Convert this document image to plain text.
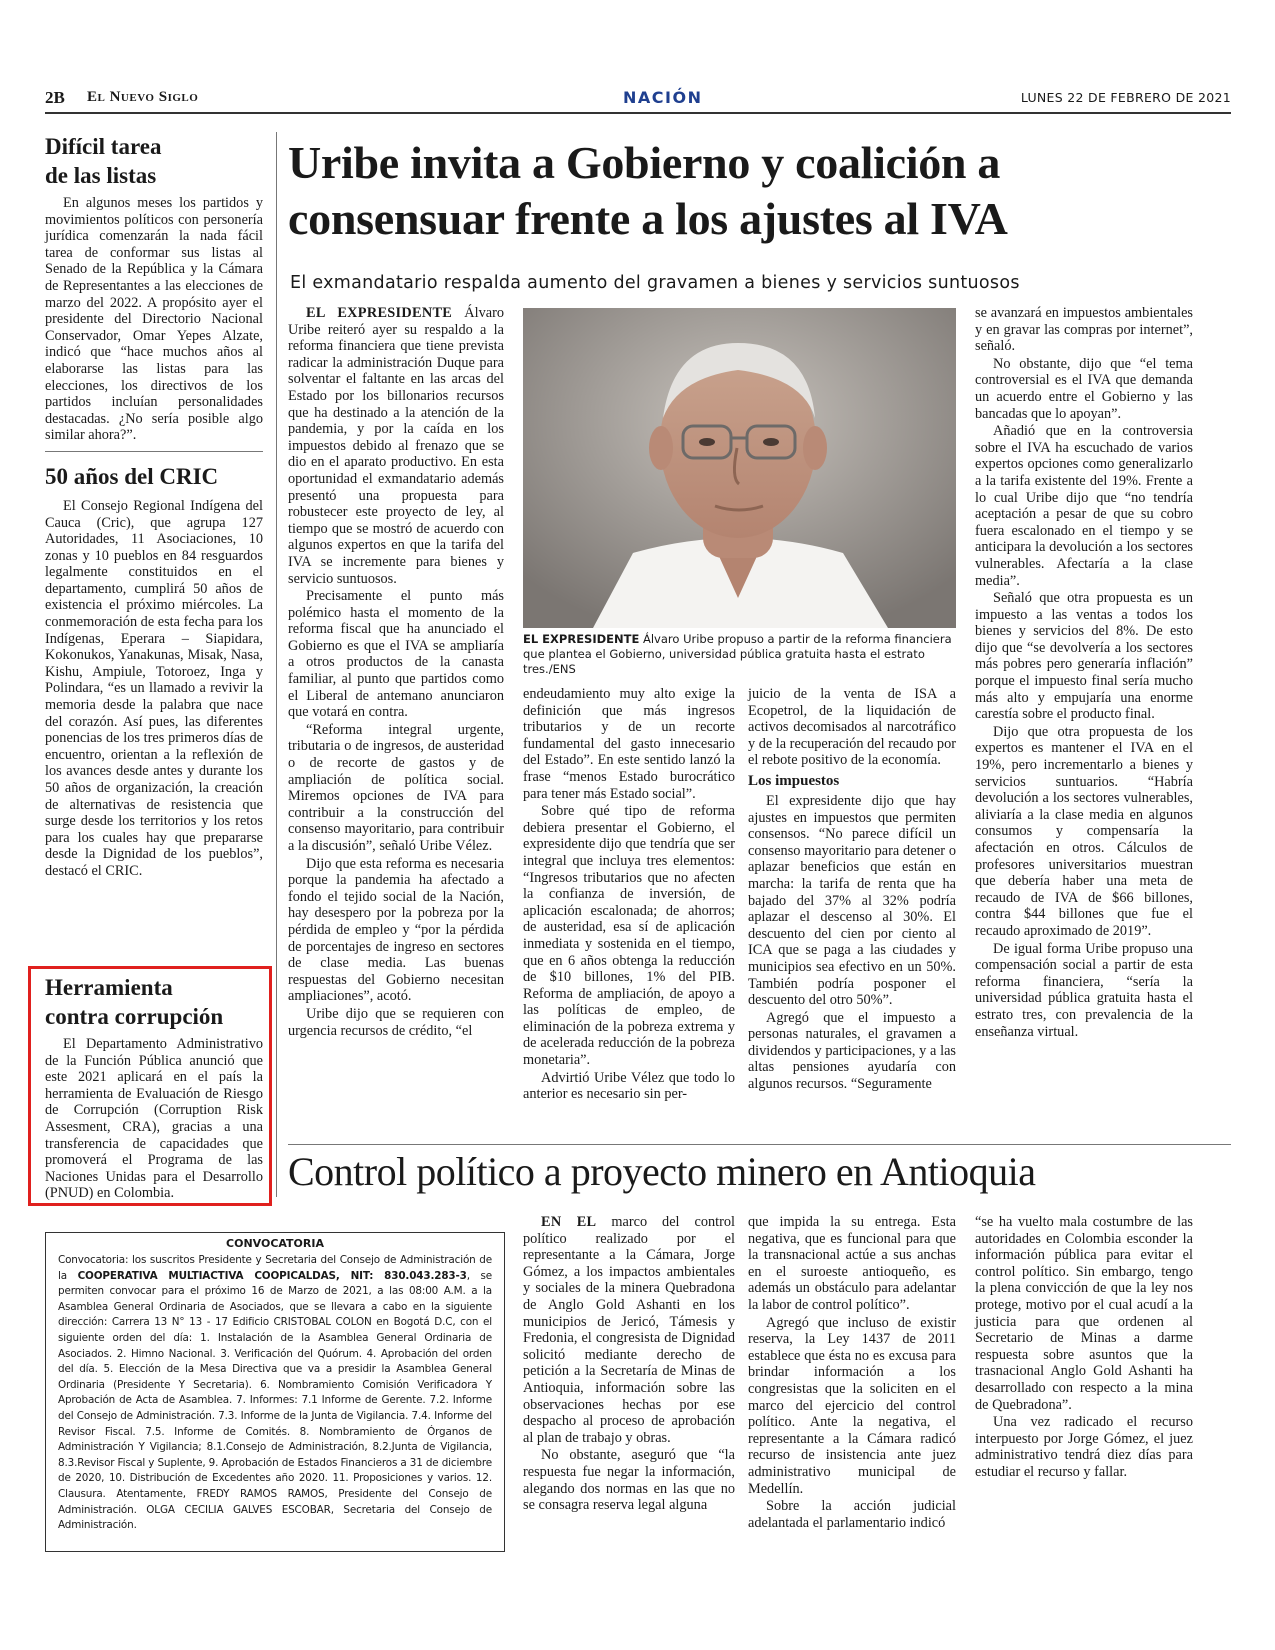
2B El Nuevo Siglo	NACIÓN	LUNES 22 DE FEBRERO DE 2021
Difícil tarea
de las listas

En algunos meses los partidos y movimientos políticos con personería jurídica comenzarán la nada fácil tarea de conformar sus listas al Senado de la República y la Cámara de Representantes a las elecciones de marzo del 2022. A propósito ayer el presidente del Directorio Nacional Conservador, Omar Yepes Alzate, indicó que “hace muchos años al elaborarse las listas para las elecciones, los directivos de los partidos incluían personalidades destacadas. ¿No sería posible algo similar ahora?”.

50 años del CRIC

El Consejo Regional Indígena del Cauca (Cric), que agrupa 127 Autoridades, 11 Asociaciones, 10 zonas y 10 pueblos en 84 resguardos legalmente constituidos en el departamento, cumplirá 50 años de existencia el próximo miércoles. La conmemoración de esta fecha para los Indígenas, Eperara – Siapidara, Kokonukos, Yanakunas, Misak, Nasa, Kishu, Ampiule, Totoroez, Inga y Polindara, “es un llamado a revivir la memoria desde la palabra que nace del corazón. Así pues, las diferentes ponencias de los tres primeros días de encuentro, orientan a la reflexión de los avances desde antes y durante los 50 años de organización, la creación de alternativas de resistencia que surge desde los territorios y los retos para los cuales hay que prepararse desde la Dignidad de los pueblos”, destacó el CRIC.

Herramienta
contra corrupción

El Departamento Administrativo de la Función Pública anunció que este 2021 aplicará en el país la herramienta de Evaluación de Riesgo de Corrupción (Corruption Risk Assesment, CRA), gracias a una transferencia de capacidades que promoverá el Programa de las Naciones Unidas para el Desarrollo (PNUD) en Colombia.

Uribe invita a Gobierno y coalición a
consensuar frente a los ajustes al IVA
El exmandatario respalda aumento del gravamen a bienes y servicios suntuosos

EL EXPRESIDENTE Álvaro Uribe reiteró ayer su respaldo a la reforma financiera que tiene prevista radicar la administración Duque para solventar el faltante en las arcas del Estado por los billonarios recursos que ha destinado a la atención de la pandemia, y por la caída en los impuestos debido al frenazo que se dio en el aparato productivo. En esta oportunidad el exmandatario además presentó una propuesta para robustecer este proyecto de ley, al tiempo que se mostró de acuerdo con algunos expertos en que la tarifa del IVA se incremente para bienes y servicio suntuosos.

Precisamente el punto más polémico hasta el momento de la reforma fiscal que ha anunciado el Gobierno es que el IVA se ampliaría a otros productos de la canasta familiar, al punto que partidos como el Liberal de antemano anunciaron que votará en contra.

“Reforma integral urgente, tributaria o de ingresos, de austeridad o de recorte de gastos y de ampliación de política social. Miremos opciones de IVA para contribuir a la construcción del consenso mayoritario, para contribuir a la discusión”, señaló Uribe Vélez.

Dijo que esta reforma es necesaria porque la pandemia ha afectado a fondo el tejido social de la Nación, hay desespero por la pobreza por la pérdida de empleo y “por la pérdida de porcentajes de ingreso en sectores de clase media. Las buenas respuestas del Gobierno necesitan ampliaciones”, acotó.

Uribe dijo que se requieren con urgencia recursos de crédito, “el

EL EXPRESIDENTE Álvaro Uribe propuso a partir de la reforma financiera que plantea el Gobierno, universidad pública gratuita hasta el estrato tres./ENS

endeudamiento muy alto exige la definición que más ingresos tributarios y de un recorte fundamental del gasto innecesario del Estado”. En este sentido lanzó la frase “menos Estado burocrático para tener más Estado social”.

Sobre qué tipo de reforma debiera presentar el Gobierno, el expresidente dijo que tendría que ser integral que incluya tres elementos: “Ingresos tributarios que no afecten la confianza de inversión, de aplicación escalonada; de ahorros; de austeridad, esa sí de aplicación inmediata y sostenida en el tiempo, que en 6 años obtenga la reducción de $10 billones, 1% del PIB. Reforma de ampliación, de apoyo a las políticas de empleo, de eliminación de la pobreza extrema y de acelerada reducción de la pobreza monetaria”.

Advirtió Uribe Vélez que todo lo anterior es necesario sin per-

juicio de la venta de ISA a Ecopetrol, de la liquidación de activos decomisados al narcotráfico y de la recuperación del recaudo por el rebote positivo de la economía.

Los impuestos

El expresidente dijo que hay ajustes en impuestos que permiten consensos. “No parece difícil un consenso mayoritario para detener o aplazar beneficios que están en marcha: la tarifa de renta que ha bajado del 37% al 32% podría aplazar el descenso al 30%. El descuento del cien por ciento al ICA que se paga a las ciudades y municipios sea efectivo en un 50%. También podría posponer el descuento del otro 50%”.

Agregó que el impuesto a personas naturales, el gravamen a dividendos y participaciones, y a las altas pensiones ayudaría con algunos recursos. “Seguramente

se avanzará en impuestos ambientales y en gravar las compras por internet”, señaló.

No obstante, dijo que “el tema controversial es el IVA que demanda un acuerdo entre el Gobierno y las bancadas que lo apoyan”.

Añadió que en la controversia sobre el IVA ha escuchado de varios expertos opciones como generalizarlo a la tarifa existente del 19%. Frente a lo cual Uribe dijo que “no tendría aceptación a pesar de que su cobro fuera escalonado en el tiempo y se anticipara la devolución a los sectores vulnerables. Afectaría a la clase media”.

Señaló que otra propuesta es un impuesto a las ventas a todos los bienes y servicios del 8%. De esto dijo que “se devolvería a los sectores más pobres pero generaría inflación” porque el impuesto final sería mucho más alto y empujaría una enorme carestía sobre el producto final.

Dijo que otra propuesta de los expertos es mantener el IVA en el 19%, pero incrementarlo a bienes y servicios suntuarios. “Habría devolución a los sectores vulnerables, aliviaría a la clase media en algunos consumos y compensaría la afectación en otros. Cálculos de profesores universitarios muestran que debería haber una meta de recaudo de IVA de $66 billones, contra $44 billones que fue el recaudo aproximado de 2019”.

De igual forma Uribe propuso una compensación social a partir de esta reforma financiera, “sería la universidad pública gratuita hasta el estrato tres, con prevalencia de la enseñanza virtual.

Control político a proyecto minero en Antioquia

EN EL marco del control político realizado por el representante a la Cámara, Jorge Gómez, a los impactos ambientales y sociales de la minera Quebradona de Anglo Gold Ashanti en los municipios de Jericó, Támesis y Fredonia, el congresista de Dignidad solicitó mediante derecho de petición a la Secretaría de Minas de Antioquia, información sobre las observaciones hechas por ese despacho al proceso de aprobación al plan de trabajo y obras.

No obstante, aseguró que “la respuesta fue negar la información, alegando dos normas en las que no se consagra reserva legal alguna

que impida la su entrega. Esta negativa, que es funcional para que la transnacional actúe a sus anchas en el suroeste antioqueño, es además un obstáculo para adelantar la labor de control político”.

Agregó que incluso de existir reserva, la Ley 1437 de 2011 establece que ésta no es excusa para brindar información a los congresistas que la soliciten en el marco del ejercicio del control político. Ante la negativa, el representante a la Cámara radicó recurso de insistencia ante juez administrativo municipal de Medellín.

Sobre la acción judicial adelantada el parlamentario indicó

“se ha vuelto mala costumbre de las autoridades en Colombia esconder la información pública para evitar el control político. Sin embargo, tengo la plena convicción de que la ley nos protege, motivo por el cual acudí a la justicia para que ordenen al Secretario de Minas a darme respuesta sobre asuntos que la trasnacional Anglo Gold Ashanti ha desarrollado con respecto a la mina de Quebradona”.

Una vez radicado el recurso interpuesto por Jorge Gómez, el juez administrativo tendrá diez días para estudiar el recurso y fallar.

CONVOCATORIA

Convocatoria: los suscritos Presidente y Secretaria del Consejo de Administración de la COOPERATIVA MULTIACTIVA COOPICALDAS, NIT: 830.043.283-3, se permiten convocar para el próximo 16 de Marzo de 2021, a las 08:00 A.M. a la Asamblea General Ordinaria de Asociados, que se llevara a cabo en la siguiente dirección: Carrera 13 N° 13 - 17 Edificio CRISTOBAL COLON en Bogotá D.C, con el siguiente orden del día: 1. Instalación de la Asamblea General Ordinaria de Asociados. 2. Himno Nacional. 3. Verificación del Quórum. 4. Aprobación del orden del día. 5. Elección de la Mesa Directiva que va a presidir la Asamblea General Ordinaria (Presidente Y Secretaria). 6. Nombramiento Comisión Verificadora Y Aprobación de Acta de Asamblea. 7. Informes: 7.1 Informe de Gerente. 7.2. Informe del Consejo de Administración. 7.3. Informe de la Junta de Vigilancia. 7.4. Informe del Revisor Fiscal. 7.5. Informe de Comités. 8. Nombramiento de Órganos de Administración Y Vigilancia; 8.1.Consejo de Administración, 8.2.Junta de Vigilancia, 8.3.Revisor Fiscal y Suplente, 9. Aprobación de Estados Financieros a 31 de diciembre de 2020, 10. Distribución de Excedentes año 2020. 11. Proposiciones y varios. 12. Clausura. Atentamente, FREDY RAMOS RAMOS, Presidente del Consejo de Administración. OLGA CECILIA GALVES ESCOBAR, Secretaria del Consejo de Administración.
